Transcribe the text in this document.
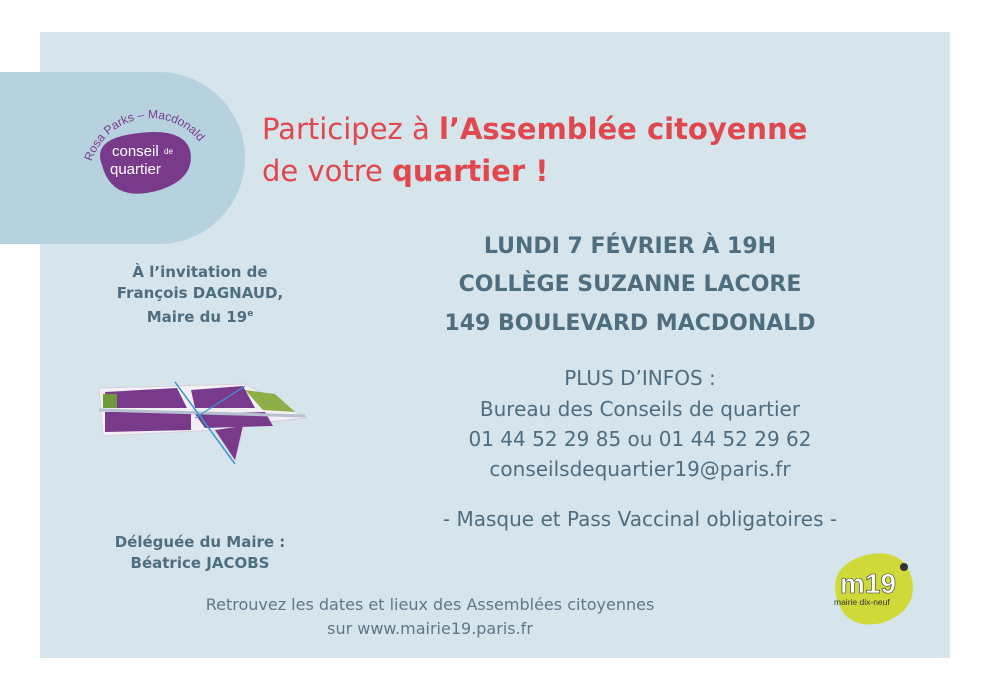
Rosa Parks – Macdonald
conseil de
quartier
Participez à l’Assemblée citoyenne
de votre quartier !
LUNDI 7 FÉVRIER À 19H
COLLÈGE SUZANNE LACORE
149 BOULEVARD MACDONALD
PLUS D’INFOS :
Bureau des Conseils de quartier
01 44 52 29 85 ou 01 44 52 29 62
conseilsdequartier19@paris.fr
- Masque et Pass Vaccinal obligatoires -
À l’invitation de
François DAGNAUD,
Maire du 19e
Déléguée du Maire :
Béatrice JACOBS
Retrouvez les dates et lieux des Assemblées citoyennes
sur www.mairie19.paris.fr
m19
mairie dix-neuf
